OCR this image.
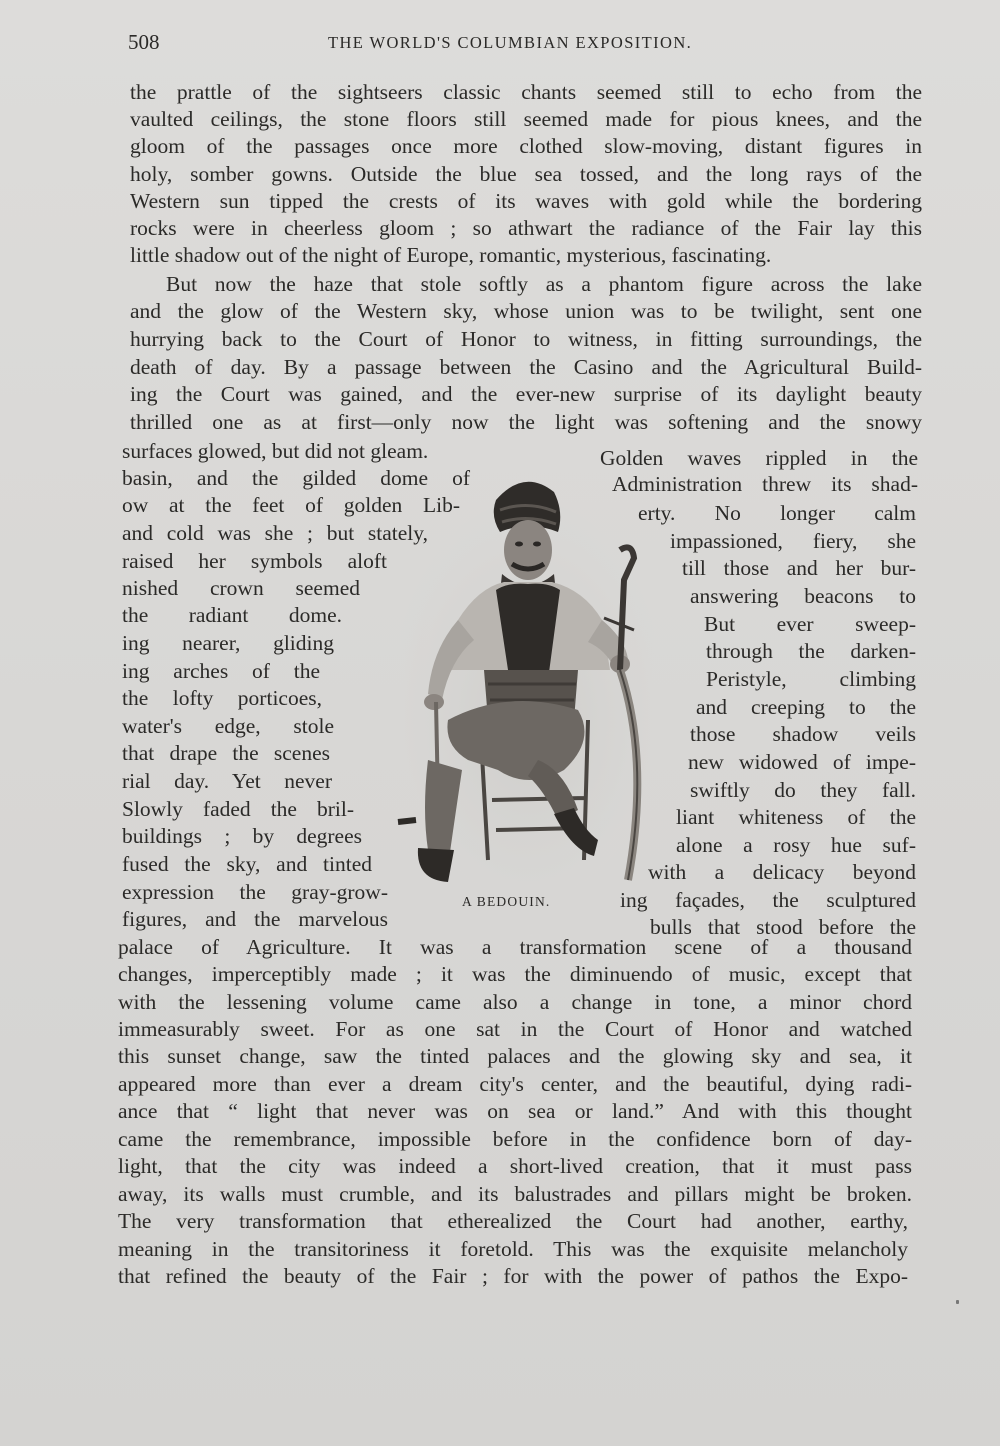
508	THE WORLD'S COLUMBIAN EXPOSITION.
the prattle of the sightseers classic chants seemed still to echo from the
vaulted ceilings, the stone floors still seemed made for pious knees, and the
gloom of the passages once more clothed slow-moving, distant figures in
holy, somber gowns. Outside the blue sea tossed, and the long rays of the
Western sun tipped the crests of its waves with gold while the bordering
rocks were in cheerless gloom ; so athwart the radiance of the Fair lay this
little shadow out of the night of Europe, romantic, mysterious, fascinating.
But now the haze that stole softly as a phantom figure across the lake
and the glow of the Western sky, whose union was to be twilight, sent one
hurrying back to the Court of Honor to witness, in fitting surroundings, the
death of day. By a passage between the Casino and the Agricultural Build-
ing the Court was gained, and the ever-new surprise of its daylight beauty
thrilled one as at first—only now the light was softening and the snowy
surfaces glowed, but did not gleam.
basin, and the gilded dome of
ow at the feet of golden Lib-
and cold was she ; but stately,
raised her symbols aloft
nished crown seemed
the radiant dome.
ing nearer, gliding
ing arches of the
the lofty porticoes,
water's edge, stole
that drape the scenes
rial day. Yet never
Slowly faded the bril-
buildings ; by degrees
fused the sky, and tinted
expression the gray-grow-
figures, and the marvelous
Golden waves rippled in the
Administration threw its shad-
erty. No longer calm
impassioned, fiery, she
till those and her bur-
answering beacons to
But ever sweep-
through the darken-
Peristyle, climbing
and creeping to the
those shadow veils
new widowed of impe-
swiftly do they fall.
liant whiteness of the
alone a rosy hue suf-
with a delicacy beyond
ing façades, the sculptured
bulls that stood before the
A BEDOUIN.
palace of Agriculture. It was a transformation scene of a thousand
changes, imperceptibly made ; it was the diminuendo of music, except that
with the lessening volume came also a change in tone, a minor chord
immeasurably sweet. For as one sat in the Court of Honor and watched
this sunset change, saw the tinted palaces and the glowing sky and sea, it
appeared more than ever a dream city's center, and the beautiful, dying radi-
ance that “ light that never was on sea or land.” And with this thought
came the remembrance, impossible before in the confidence born of day-
light, that the city was indeed a short-lived creation, that it must pass
away, its walls must crumble, and its balustrades and pillars might be broken.
The very transformation that etherealized the Court had another, earthy,
meaning in the transitoriness it foretold. This was the exquisite melancholy
that refined the beauty of the Fair ; for with the power of pathos the Expo-
